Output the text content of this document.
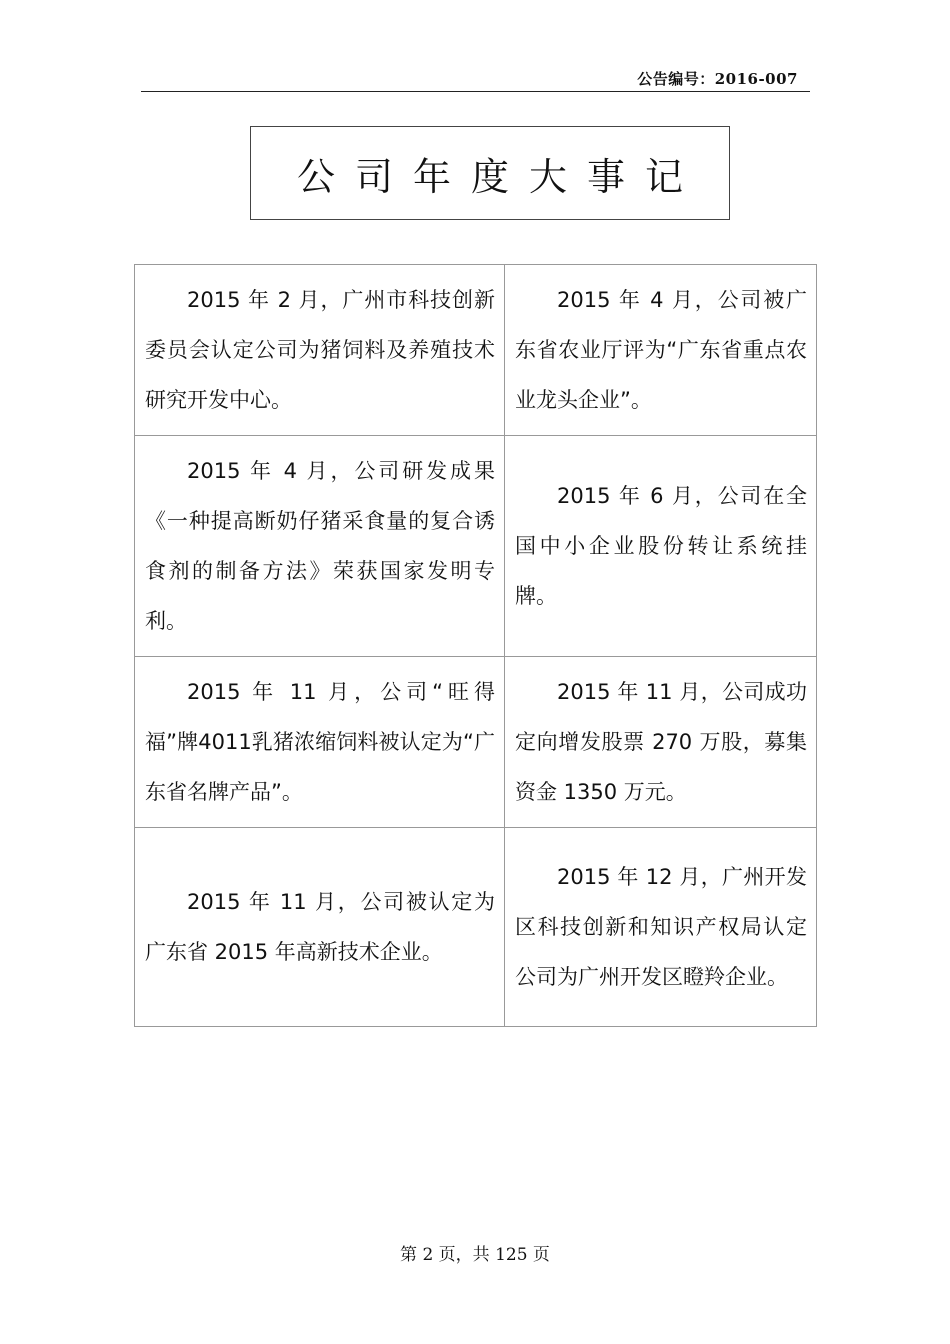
公告编号：2016-007
公司年度大事记

2015 年 2 月，广州市科技创新委员会认定公司为猪饲料及养殖技术研究开发中心。	2015 年 4 月，公司被广东省农业厅评为“广东省重点农业龙头企业”。

2015 年 4 月，公司研发成果《一种提高断奶仔猪采食量的复合诱食剂的制备方法》荣获国家发明专利。	2015 年 6 月，公司在全国中小企业股份转让系统挂牌。

2015 年 11 月，公司“旺得福”牌4011乳猪浓缩饲料被认定为“广东省名牌产品”。	2015 年 11 月，公司成功定向增发股票 270 万股，募集资金 1350 万元。

2015 年 11 月，公司被认定为广东省 2015 年高新技术企业。	2015 年 12 月，广州开发区科技创新和知识产权局认定公司为广州开发区瞪羚企业。

第 2 页，共 125 页
